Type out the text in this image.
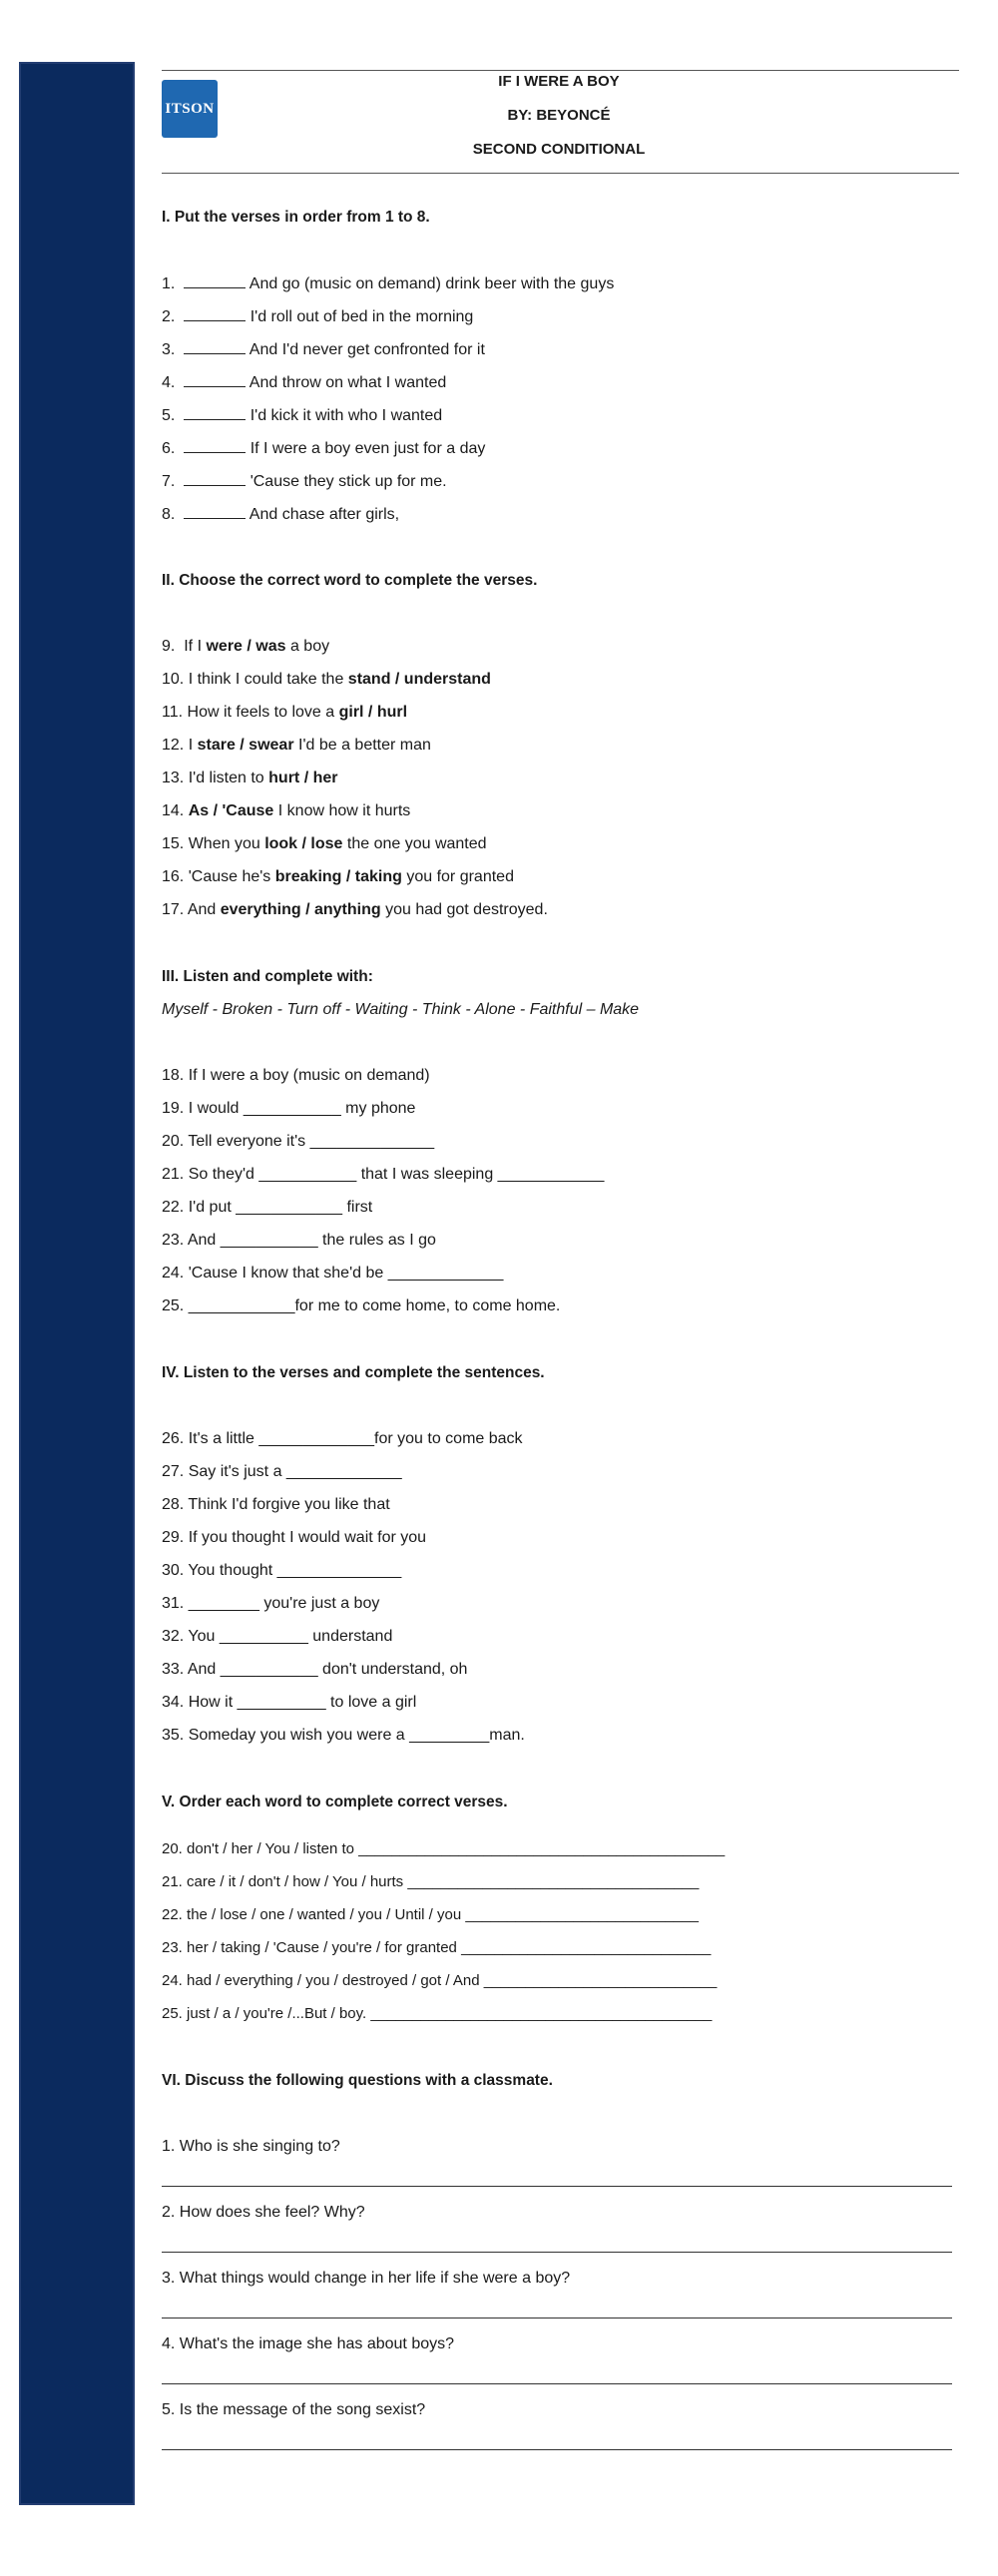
ITSON
IF I WERE A BOY
BY: BEYONCÉ
SECOND CONDITIONAL
I. Put the verses in order from 1 to 8.
1.	And go (music on demand) drink beer with the guys
2.	I'd roll out of bed in the morning
3.	And I'd never get confronted for it
4.	And throw on what I wanted
5.	I'd kick it with who I wanted
6.	If I were a boy even just for a day
7.	'Cause they stick up for me.
8.	And chase after girls,
II. Choose the correct word to complete the verses.
9. If I were / was a boy
10. I think I could take the stand / understand
11. How it feels to love a girl / hurl
12. I stare / swear I'd be a better man
13. I'd listen to hurt / her
14. As / 'Cause I know how it hurts
15. When you look / lose the one you wanted
16. 'Cause he's breaking / taking you for granted
17. And everything / anything you had got destroyed.
III. Listen and complete with:
Myself - Broken - Turn off - Waiting - Think - Alone - Faithful – Make
18. If I were a boy (music on demand)
19. I would ___________ my phone
20. Tell everyone it's ______________
21. So they'd ___________ that I was sleeping ____________
22. I'd put ____________ first
23. And ___________ the rules as I go
24. 'Cause I know that she'd be _____________
25. ____________for me to come home, to come home.
IV. Listen to the verses and complete the sentences.
26. It's a little _____________for you to come back
27. Say it's just a _____________
28. Think I'd forgive you like that
29. If you thought I would wait for you
30. You thought ______________
31. ________ you're just a boy
32. You __________ understand
33. And ___________ don't understand, oh
34. How it __________ to love a girl
35. Someday you wish you were a _________man.
V. Order each word to complete correct verses.
20. don't / her / You / listen to ____________________________________________
21. care / it / don't / how / You / hurts ___________________________________
22. the / lose / one / wanted / you / Until / you ____________________________
23. her / taking / 'Cause / you're / for granted ______________________________
24. had / everything / you / destroyed / got / And ____________________________
25. just / a / you're /...But / boy. _________________________________________
VI. Discuss the following questions with a classmate.
1. Who is she singing to?
2. How does she feel? Why?
3. What things would change in her life if she were a boy?
4. What's the image she has about boys?
5. Is the message of the song sexist?
